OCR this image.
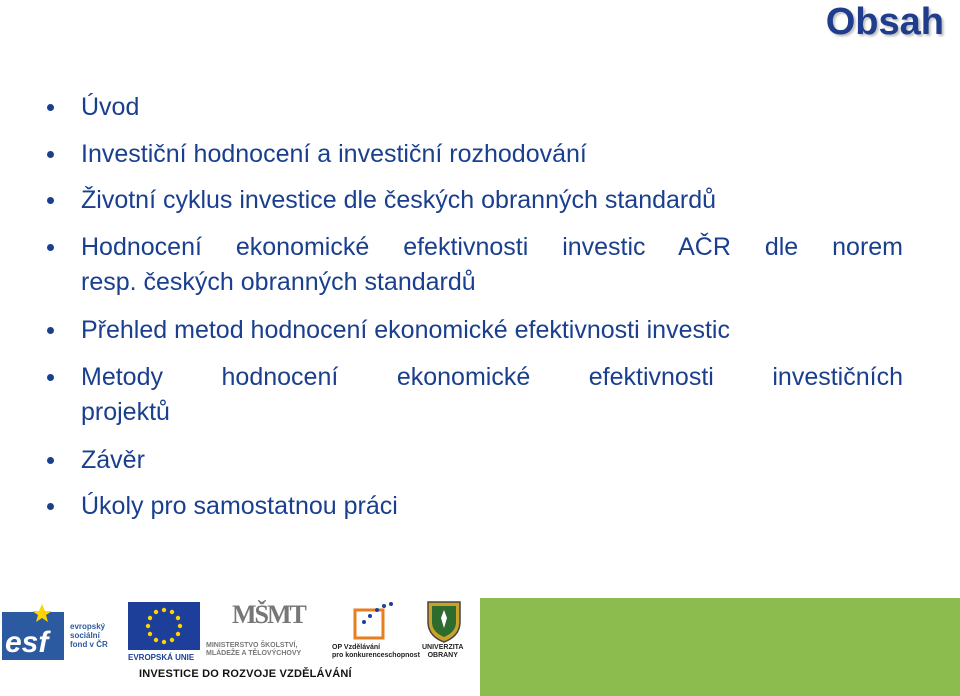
Obsah
Úvod
Investiční hodnocení a investiční rozhodování
Životní cyklus investice dle českých obranných standardů
Hodnocení ekonomické efektivnosti investic AČR dle norem
resp. českých obranných standardů
Přehled metod hodnocení ekonomické efektivnosti investic
Metody hodnocení ekonomické efektivnosti investičních
projektů
Závěr
Úkoly pro samostatnou práci
esf	evropský
sociální
fond v ČR
EVROPSKÁ UNIE
MŠMT
MINISTERSTVO ŠKOLSTVÍ,
MLÁDEŽE A TĚLOVÝCHOVY
OP Vzdělávání
pro konkurenceschopnost
UNIVERZITA
OBRANY
INVESTICE DO ROZVOJE VZDĚLÁVÁNÍ
